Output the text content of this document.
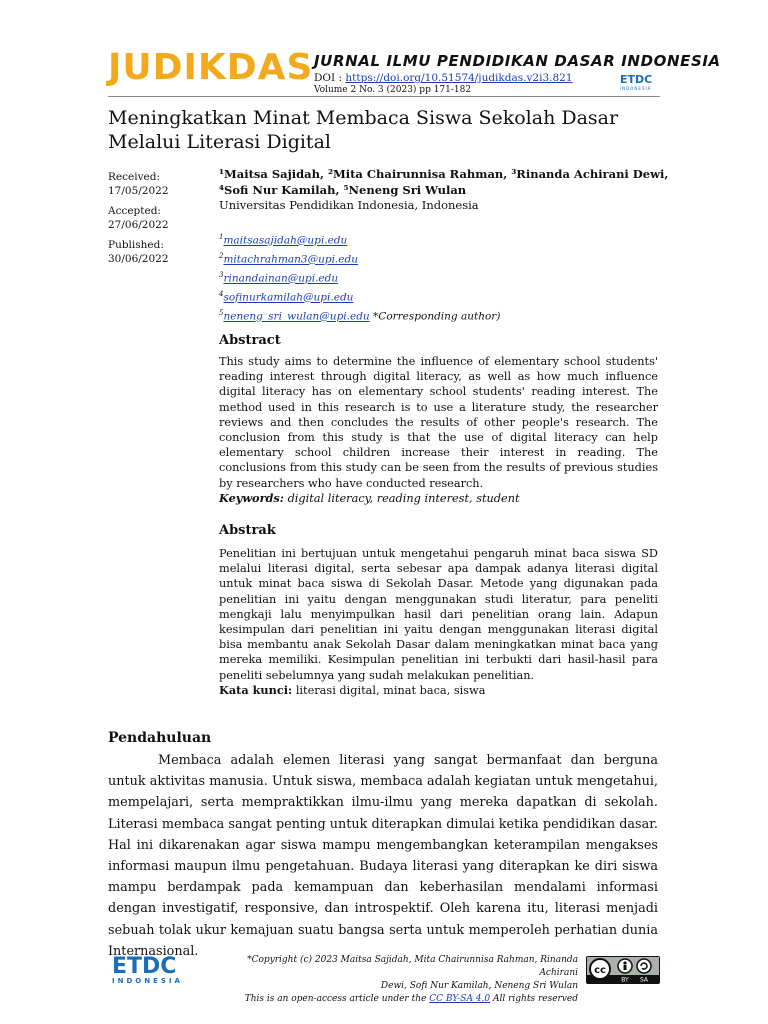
JUDIKDAS JURNAL ILMU PENDIDIKAN DASAR INDONESIA
DOI : https://doi.org/10.51574/judikdas.v2i3.821
Volume 2 No. 3 (2023) pp 171-182
ETDC
INDONESIA
Meningkatkan Minat Membaca Siswa Sekolah Dasar Melalui Literasi Digital
Received:
17/05/2022
Accepted:
27/06/2022
Published:
30/06/2022
¹Maitsa Sajidah, ²Mita Chairunnisa Rahman, ³Rinanda Achirani Dewi,
⁴Sofi Nur Kamilah, ⁵Neneng Sri Wulan
Universitas Pendidikan Indonesia, Indonesia
$^1$maitsasajidah@upi.edu
$^2$mitachrahman3@upi.edu
$^3$rinandainan@upi.edu
$^4$sofinurkamilah@upi.edu
$^5$neneng_sri_wulan@upi.edu *Corresponding author)
Abstract
This study aims to determine the influence of elementary school students' reading interest through digital literacy, as well as how much influence digital literacy has on elementary school students' reading interest. The method used in this research is to use a literature study, the researcher reviews and then concludes the results of other people's research. The conclusion from this study is that the use of digital literacy can help elementary school children increase their interest in reading. The conclusions from this study can be seen from the results of previous studies by researchers who have conducted research.
Keywords: digital literacy, reading interest, student
Abstrak
Penelitian ini bertujuan untuk mengetahui pengaruh minat baca siswa SD melalui literasi digital, serta sebesar apa dampak adanya literasi digital untuk minat baca siswa di Sekolah Dasar. Metode yang digunakan pada penelitian ini yaitu dengan menggunakan studi literatur, para peneliti mengkaji lalu menyimpulkan hasil dari penelitian orang lain. Adapun kesimpulan dari penelitian ini yaitu dengan menggunakan literasi digital bisa membantu anak Sekolah Dasar dalam meningkatkan minat baca yang mereka memiliki. Kesimpulan penelitian ini terbukti dari hasil-hasil para peneliti sebelumnya yang sudah melakukan penelitian.
Kata kunci: literasi digital, minat baca, siswa
Pendahuluan
Membaca adalah elemen literasi yang sangat bermanfaat dan berguna untuk aktivitas manusia. Untuk siswa, membaca adalah kegiatan untuk mengetahui, mempelajari, serta mempraktikkan ilmu-ilmu yang mereka dapatkan di sekolah. Literasi membaca sangat penting untuk diterapkan dimulai ketika pendidikan dasar. Hal ini dikarenakan agar siswa mampu mengembangkan keterampilan mengakses informasi maupun ilmu pengetahuan. Budaya literasi yang diterapkan ke diri siswa mampu berdampak pada kemampuan dan keberhasilan mendalami informasi dengan investigatif, responsive, dan introspektif. Oleh karena itu, literasi menjadi sebuah tolak ukur kemajuan suatu bangsa serta untuk memperoleh perhatian dunia Internasional.
ETDC
INDONESIA
*Copyright (c) 2023 Maitsa Sajidah, Mita Chairunnisa Rahman, Rinanda Achirani
Dewi, Sofi Nur Kamilah, Neneng Sri Wulan
This is an open-access article under the CC BY-SA 4.0 All rights reserved
cc
BY SA
